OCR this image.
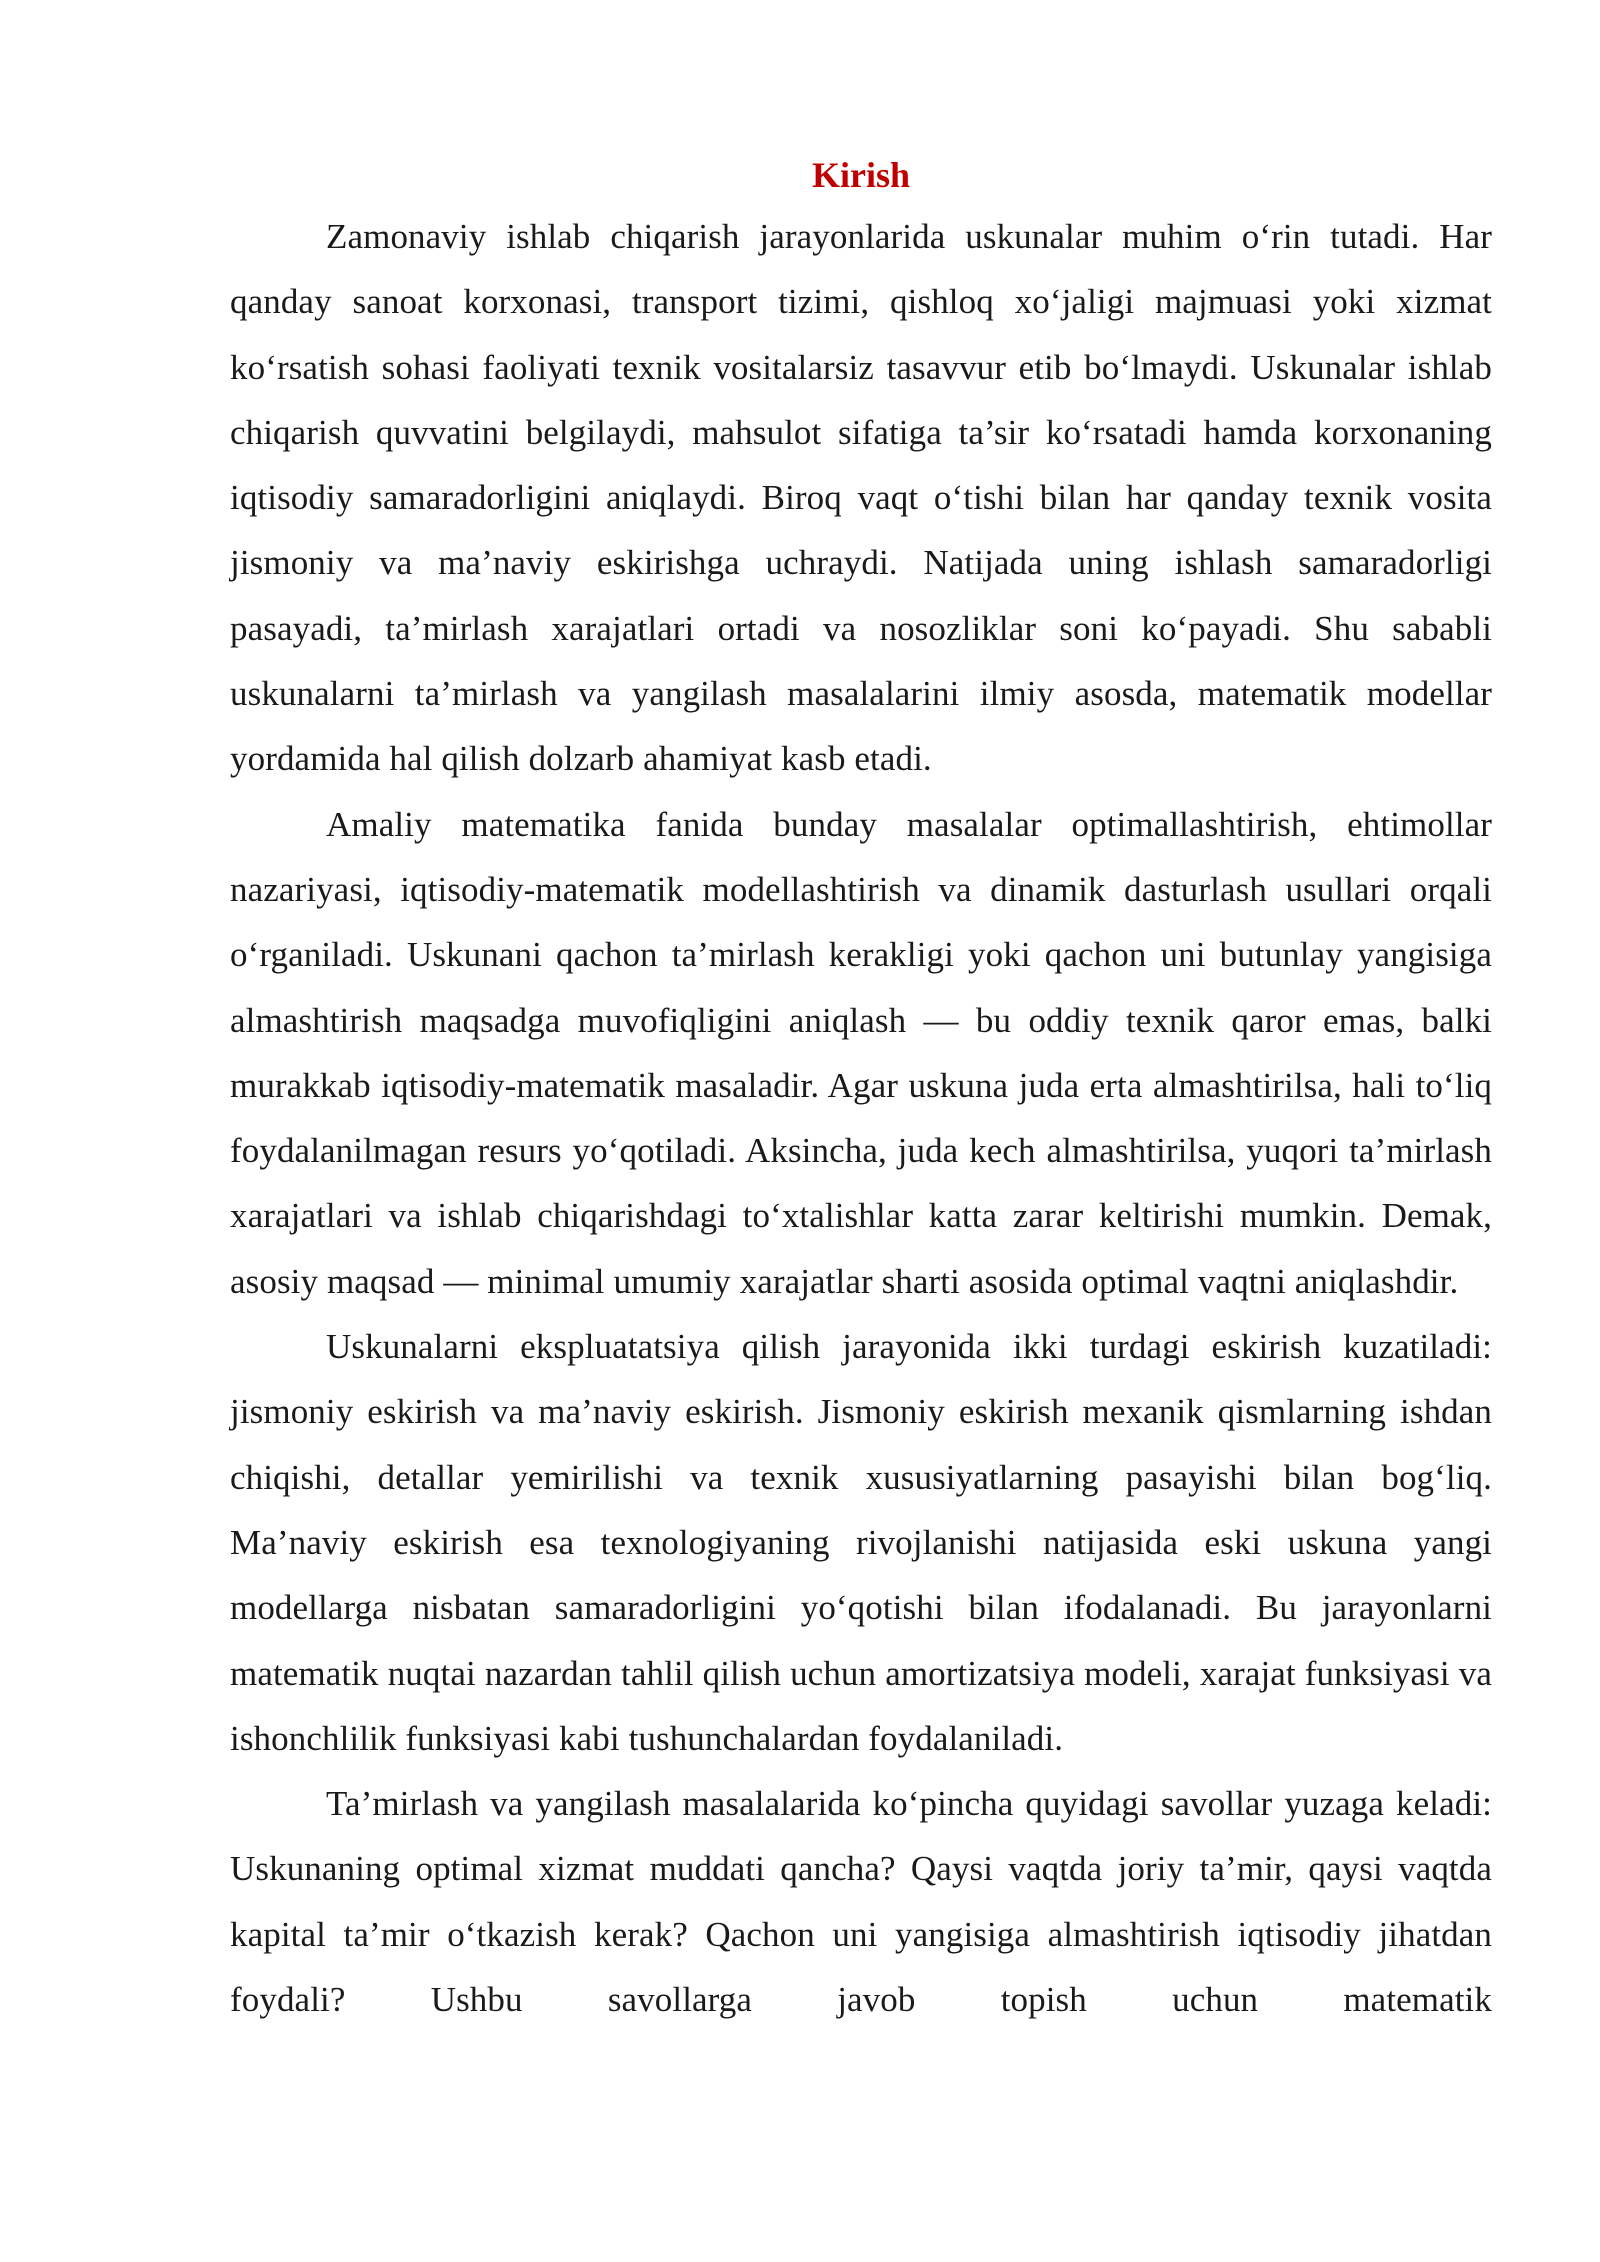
Kirish

Zamonaviy ishlab chiqarish jarayonlarida uskunalar muhim o‘rin tutadi. Har qanday sanoat korxonasi, transport tizimi, qishloq xo‘jaligi majmuasi yoki xizmat ko‘rsatish sohasi faoliyati texnik vositalarsiz tasavvur etib bo‘lmaydi. Uskunalar ishlab chiqarish quvvatini belgilaydi, mahsulot sifatiga ta’sir ko‘rsatadi hamda korxonaning iqtisodiy samaradorligini aniqlaydi. Biroq vaqt o‘tishi bilan har qanday texnik vosita jismoniy va ma’naviy eskirishga uchraydi. Natijada uning ishlash samaradorligi pasayadi, ta’mirlash xarajatlari ortadi va nosozliklar soni ko‘payadi. Shu sababli uskunalarni ta’mirlash va yangilash masalalarini ilmiy asosda, matematik modellar yordamida hal qilish dolzarb ahamiyat kasb etadi.

Amaliy matematika fanida bunday masalalar optimallashtirish, ehtimollar nazariyasi, iqtisodiy-matematik modellashtirish va dinamik dasturlash usullari orqali o‘rganiladi. Uskunani qachon ta’mirlash kerakligi yoki qachon uni butunlay yangisiga almashtirish maqsadga muvofiqligini aniqlash — bu oddiy texnik qaror emas, balki murakkab iqtisodiy-matematik masaladir. Agar uskuna juda erta almashtirilsa, hali to‘liq foydalanilmagan resurs yo‘qotiladi. Aksincha, juda kech almashtirilsa, yuqori ta’mirlash xarajatlari va ishlab chiqarishdagi to‘xtalishlar katta zarar keltirishi mumkin. Demak, asosiy maqsad — minimal umumiy xarajatlar sharti asosida optimal vaqtni aniqlashdir.

Uskunalarni ekspluatatsiya qilish jarayonida ikki turdagi eskirish kuzatiladi: jismoniy eskirish va ma’naviy eskirish. Jismoniy eskirish mexanik qismlarning ishdan chiqishi, detallar yemirilishi va texnik xususiyatlarning pasayishi bilan bog‘liq. Ma’naviy eskirish esa texnologiyaning rivojlanishi natijasida eski uskuna yangi modellarga nisbatan samaradorligini yo‘qotishi bilan ifodalanadi. Bu jarayonlarni matematik nuqtai nazardan tahlil qilish uchun amortizatsiya modeli, xarajat funksiyasi va ishonchlilik funksiyasi kabi tushunchalardan foydalaniladi.

Ta’mirlash va yangilash masalalarida ko‘pincha quyidagi savollar yuzaga keladi: Uskunaning optimal xizmat muddati qancha? Qaysi vaqtda joriy ta’mir, qaysi vaqtda kapital ta’mir o‘tkazish kerak? Qachon uni yangisiga almashtirish iqtisodiy jihatdan foydali? Ushbu savollarga javob topish uchun matematik
